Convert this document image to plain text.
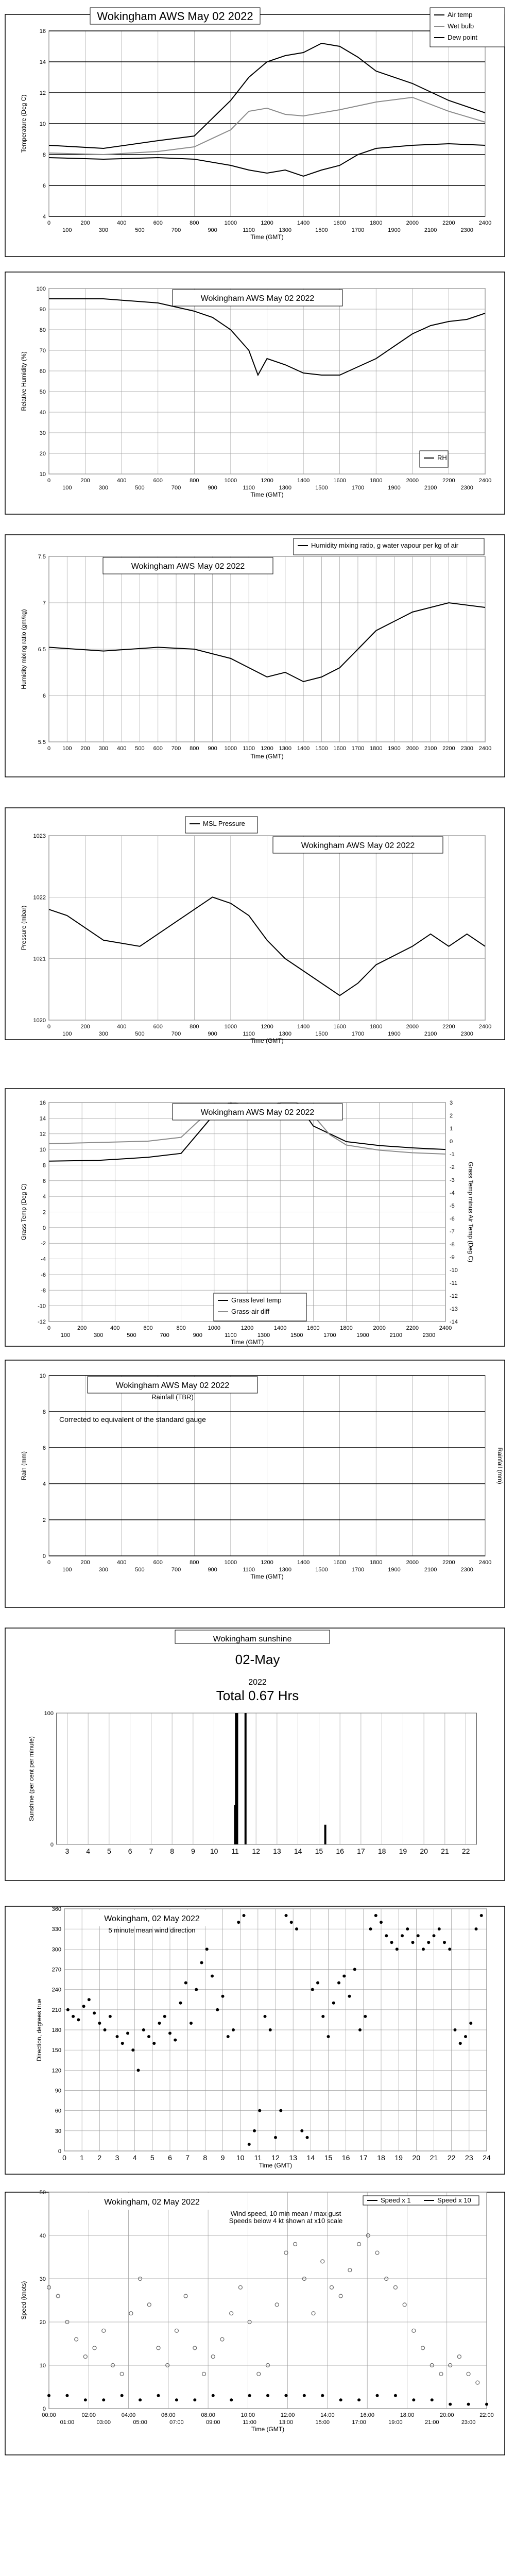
4
6
8
10
12
14
16
0	200	400	600	800	1000	1200	1400	1600	1800	2000	2200	2400
100	300	500	700	900	1100	1300	1500	1700	1900	2100	2300
Time (GMT)
Temperature (Deg C)
Wokingham AWS May 02 2022	Air temp
Wet bulb
Dew point
10
20
30
40
50
60
70
80
90
100
0	200	400	600	800	1000	1200	1400	1600	1800	2000	2200	2400
100	300	500	700	900	1100	1300	1500	1700	1900	2100	2300
Time (GMT)
Relative Humidity (%)
Wokingham AWS May 02 2022
RH
5.5
6
6.5
7
7.5
0 100 200 300 400 500 600 700 800 900 1000 1100 1200 1300 1400 1500 1600 1700 1800 1900 2000 2100 2200 2300 2400
Time (GMT)
Humidity mixing ratio (gm/kg)
Wokingham AWS May 02 2022
Humidity mixing ratio, g water vapour per kg of air
1020
1021
1022
1023
0	200	400	600	800	1000	1200	1400	1600	1800	2000	2200	2400
100	300	500	700	900	1100	1300	1500	1700	1900	2100	2300
Time (GMT)
Pressure (mbar)
Wokingham AWS May 02 2022
MSL Pressure
-12
-10
-8
-6
-4
-2
0
2
4
6
8
10
12
14
16	3
2
1
0
-1
-2
-3
-4
-5
-6
-7
-8
-9
-10
-11
-12
-13
-14
Grass Temp minus Air Temp (Deg C)
0	200	400	600	800	1000	1200	1400	1600	1800	2000	2200	2400
100	300	500	700	900	1100	1300	1500	1700	1900	2100	2300
Time (GMT)
Grass Temp (Deg C)
Wokingham AWS May 02 2022
Grass level temp
Grass-air diff
0
2
4
6
8
10
Rainfall (mm)
0	200	400	600	800	1000	1200	1400	1600	1800	2000	2200	2400
100	300	500	700	900	1100	1300	1500	1700	1900	2100	2300
Time (GMT)
Rain (mm)
Wokingham AWS May 02 2022
Rainfall (TBR)
Corrected to equivalent of the standard gauge
0
100
3 4 5 6 7 8 9 10 11 12 13 14 15 16 17 18 19 20 21 22
Sunshine (per cent per minute)
Wokingham sunshine
02-May
2022
Total 0.67 Hrs
0
30
60
90
120
150
180
210
240
270
300
330
360
0 1 2 3 4 5 6 7 8 9 10 11 12 13 14 15 16 17 18 19 20 21 22 23 24
Time (GMT)
Direction, degrees true
Wokingham, 02 May 2022
5 minute mean wind direction
0
10
20
30
40
50
00:00	02:00	04:00	06:00	08:00	10:00	12:00	14:00	16:00	18:00	20:00	22:00
01:00	03:00	05:00	07:00	09:00	11:00	13:00	15:00	17:00	19:00	21:00	23:00
Time (GMT)
Speed (knots)
Wokingham, 02 May 2022
Wind speed, 10 min mean / max gust
Speeds below 4 kt shown at x10 scale
Speed x 1	Speed x 10
